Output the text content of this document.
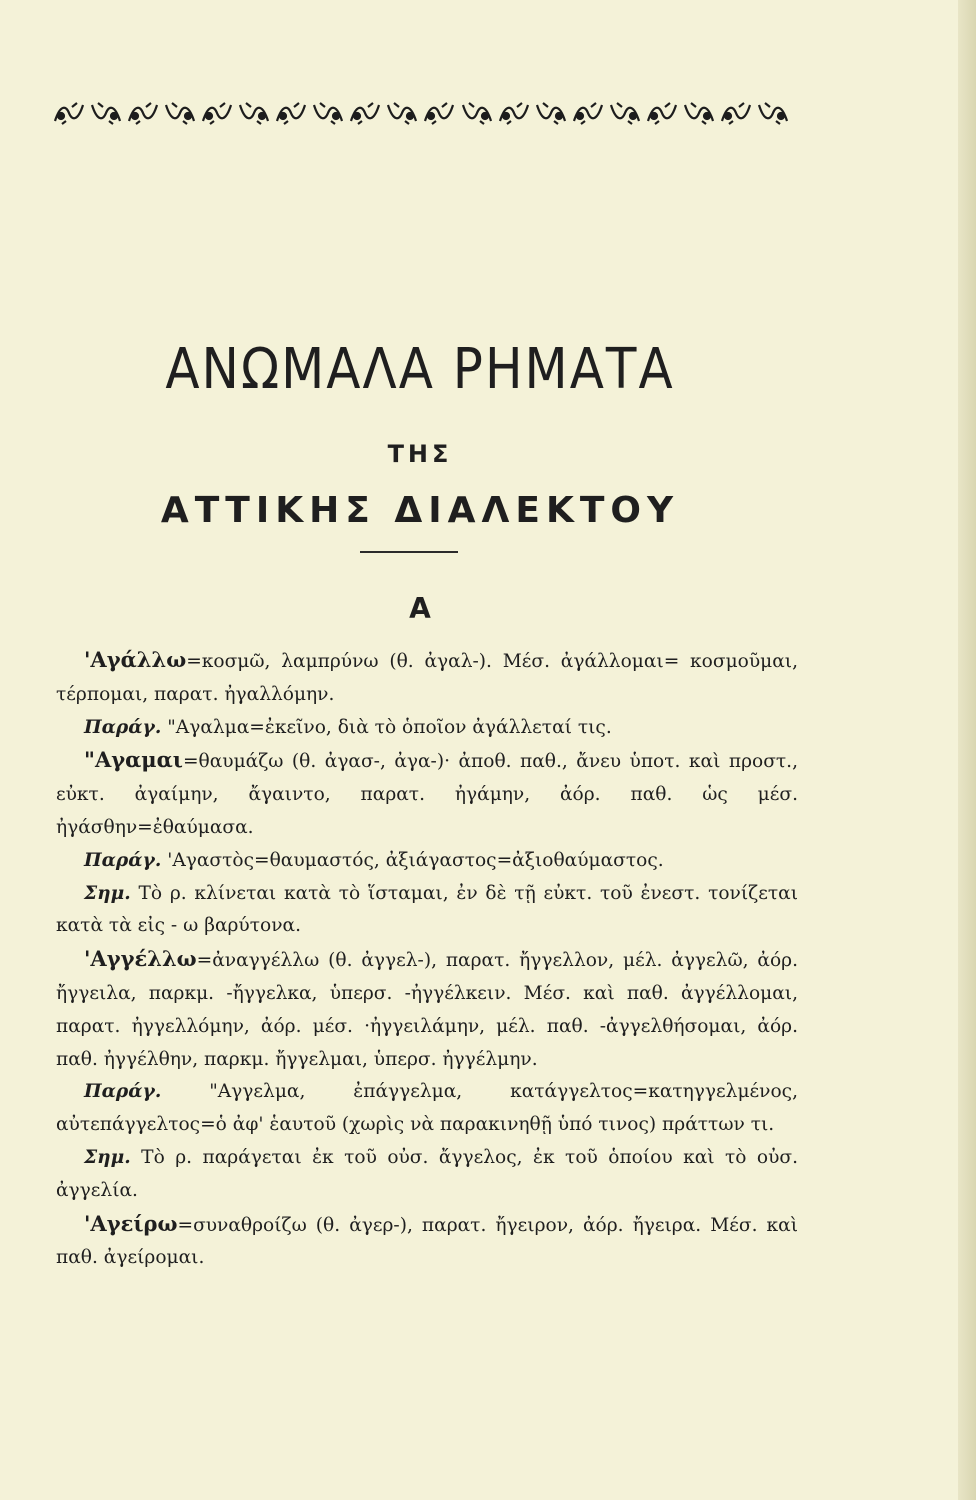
ΑΝΩΜΑΛΑ ΡΗΜΑΤΑ
ΤΗΣ
ΑΤΤΙΚΗΣ ΔΙΑΛΕΚΤΟΥ
Α

'Αγάλλω=κοσμῶ, λαμπρύνω (θ. ἀγαλ-). Μέσ. ἀγάλλομαι= κοσμοῦμαι, τέρπομαι, παρατ. ἠγαλλόμην.

Παράγ. "Αγαλμα=ἐκεῖνο, διὰ τὸ ὁποῖον ἀγάλλεταί τις.

"Αγαμαι=θαυμάζω (θ. ἀγασ-, ἀγα-)· ἀποθ. παθ., ἄνευ ὑποτ. καὶ προστ., εὐκτ. ἀγαίμην, ἄγαιντο, παρατ. ἠγάμην, ἀόρ. παθ. ὡς μέσ. ἠγάσθην=ἐθαύμασα.

Παράγ. 'Αγαστὸς=θαυμαστός, ἀξιάγαστος=ἀξιοθαύμαστος.

Σημ. Τὸ ρ. κλίνεται κατὰ τὸ ἵσταμαι, ἐν δὲ τῇ εὐκτ. τοῦ ἐνεστ. τονίζεται κατὰ τὰ εἰς - ω βαρύτονα.

'Αγγέλλω=ἀναγγέλλω (θ. ἀγγελ-), παρατ. ἤγγελλον, μέλ. ἀγγελῶ, ἀόρ. ἤγγειλα, παρκμ. -ἤγγελκα, ὑπερσ. -ἠγγέλκειν. Μέσ. καὶ παθ. ἀγγέλλομαι, παρατ. ἠγγελλόμην, ἀόρ. μέσ. ·ἠγγειλάμην, μέλ. παθ. -ἀγγελθήσομαι, ἀόρ. παθ. ἠγγέλθην, παρκμ. ἤγγελμαι, ὑπερσ. ἠγγέλμην.

Παράγ. "Αγγελμα, ἐπάγγελμα, κατάγγελτος=κατηγγελμένος, αὐτεπάγγελτος=ὁ ἀφ' ἑαυτοῦ (χωρὶς νὰ παρακινηθῇ ὑπό τινος) πράττων τι.

Σημ. Τὸ ρ. παράγεται ἐκ τοῦ οὐσ. ἄγγελος, ἐκ τοῦ ὁποίου καὶ τὸ οὐσ. ἀγγελία.

'Αγείρω=συναθροίζω (θ. ἀγερ-), παρατ. ἤγειρον, ἀόρ. ἤγειρα. Μέσ. καὶ παθ. ἀγείρομαι.
